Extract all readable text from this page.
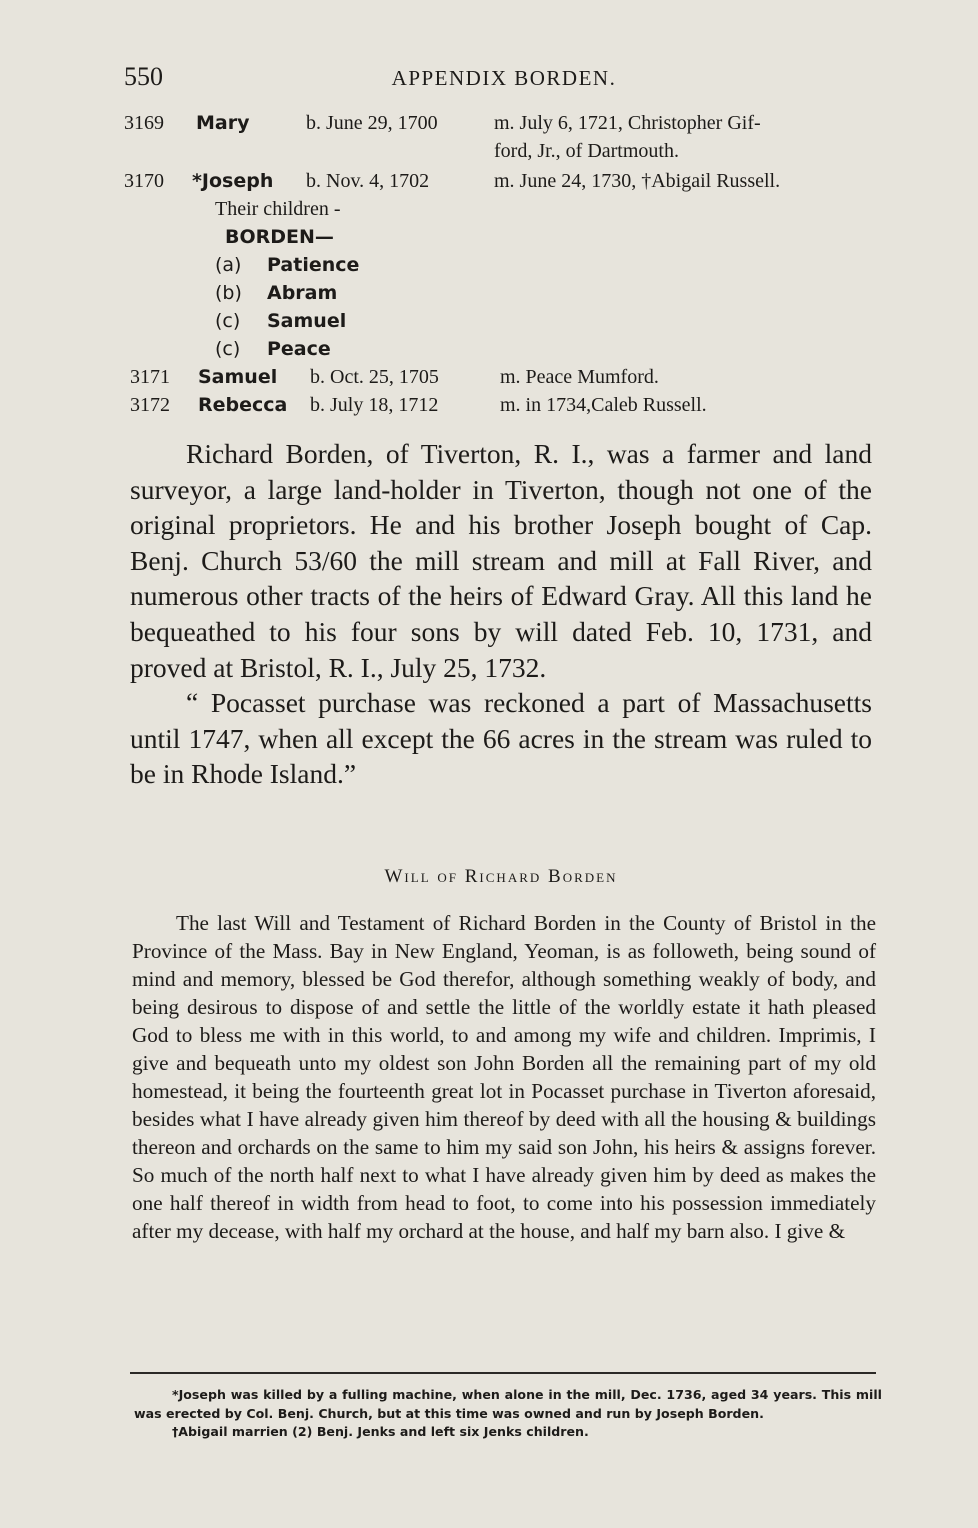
550	APPENDIX BORDEN.
3169 Mary	b. June 29, 1700	m. July 6, 1721, Christopher Gif-
ford, Jr., of Dartmouth.
3170 *Joseph b. Nov. 4, 1702	m. June 24, 1730, †Abigail Russell.
Their children -
BORDEN—
(a) Patience
(b) Abram
(c) Samuel
(c) Peace
3171 Samuel b. Oct. 25, 1705	m. Peace Mumford.
3172 Rebecca b. July 18, 1712	m. in 1734,Caleb Russell.

Richard Borden, of Tiverton, R. I., was a farmer and land surveyor, a large land-holder in Tiverton, though not one of the original proprietors. He and his brother Joseph bought of Cap. Benj. Church 53/60 the mill stream and mill at Fall River, and numerous other tracts of the heirs of Edward Gray. All this land he bequeathed to his four sons by will dated Feb. 10, 1731, and proved at Bristol, R. I., July 25, 1732.

“ Pocasset purchase was reckoned a part of Massachusetts until 1747, when all except the 66 acres in the stream was ruled to be in Rhode Island.”

Will of Richard Borden

The last Will and Testament of Richard Borden in the County of Bristol in the Province of the Mass. Bay in New England, Yeoman, is as followeth, being sound of mind and memory, blessed be God therefor, although something weakly of body, and being desirous to dispose of and settle the little of the worldly estate it hath pleased God to bless me with in this world, to and among my wife and children. Imprimis, I give and bequeath unto my oldest son John Borden all the remaining part of my old homestead, it being the fourteenth great lot in Pocasset purchase in Tiverton aforesaid, besides what I have already given him thereof by deed with all the housing & buildings thereon and orchards on the same to him my said son John, his heirs & assigns forever. So much of the north half next to what I have already given him by deed as makes the one half thereof in width from head to foot, to come into his possession immediately after my decease, with half my orchard at the house, and half my barn also. I give &

*Joseph was killed by a fulling machine, when alone in the mill, Dec. 1736, aged 34 years. This mill was erected by Col. Benj. Church, but at this time was owned and run by Joseph Borden.

†Abigail marrien (2) Benj. Jenks and left six Jenks children.
